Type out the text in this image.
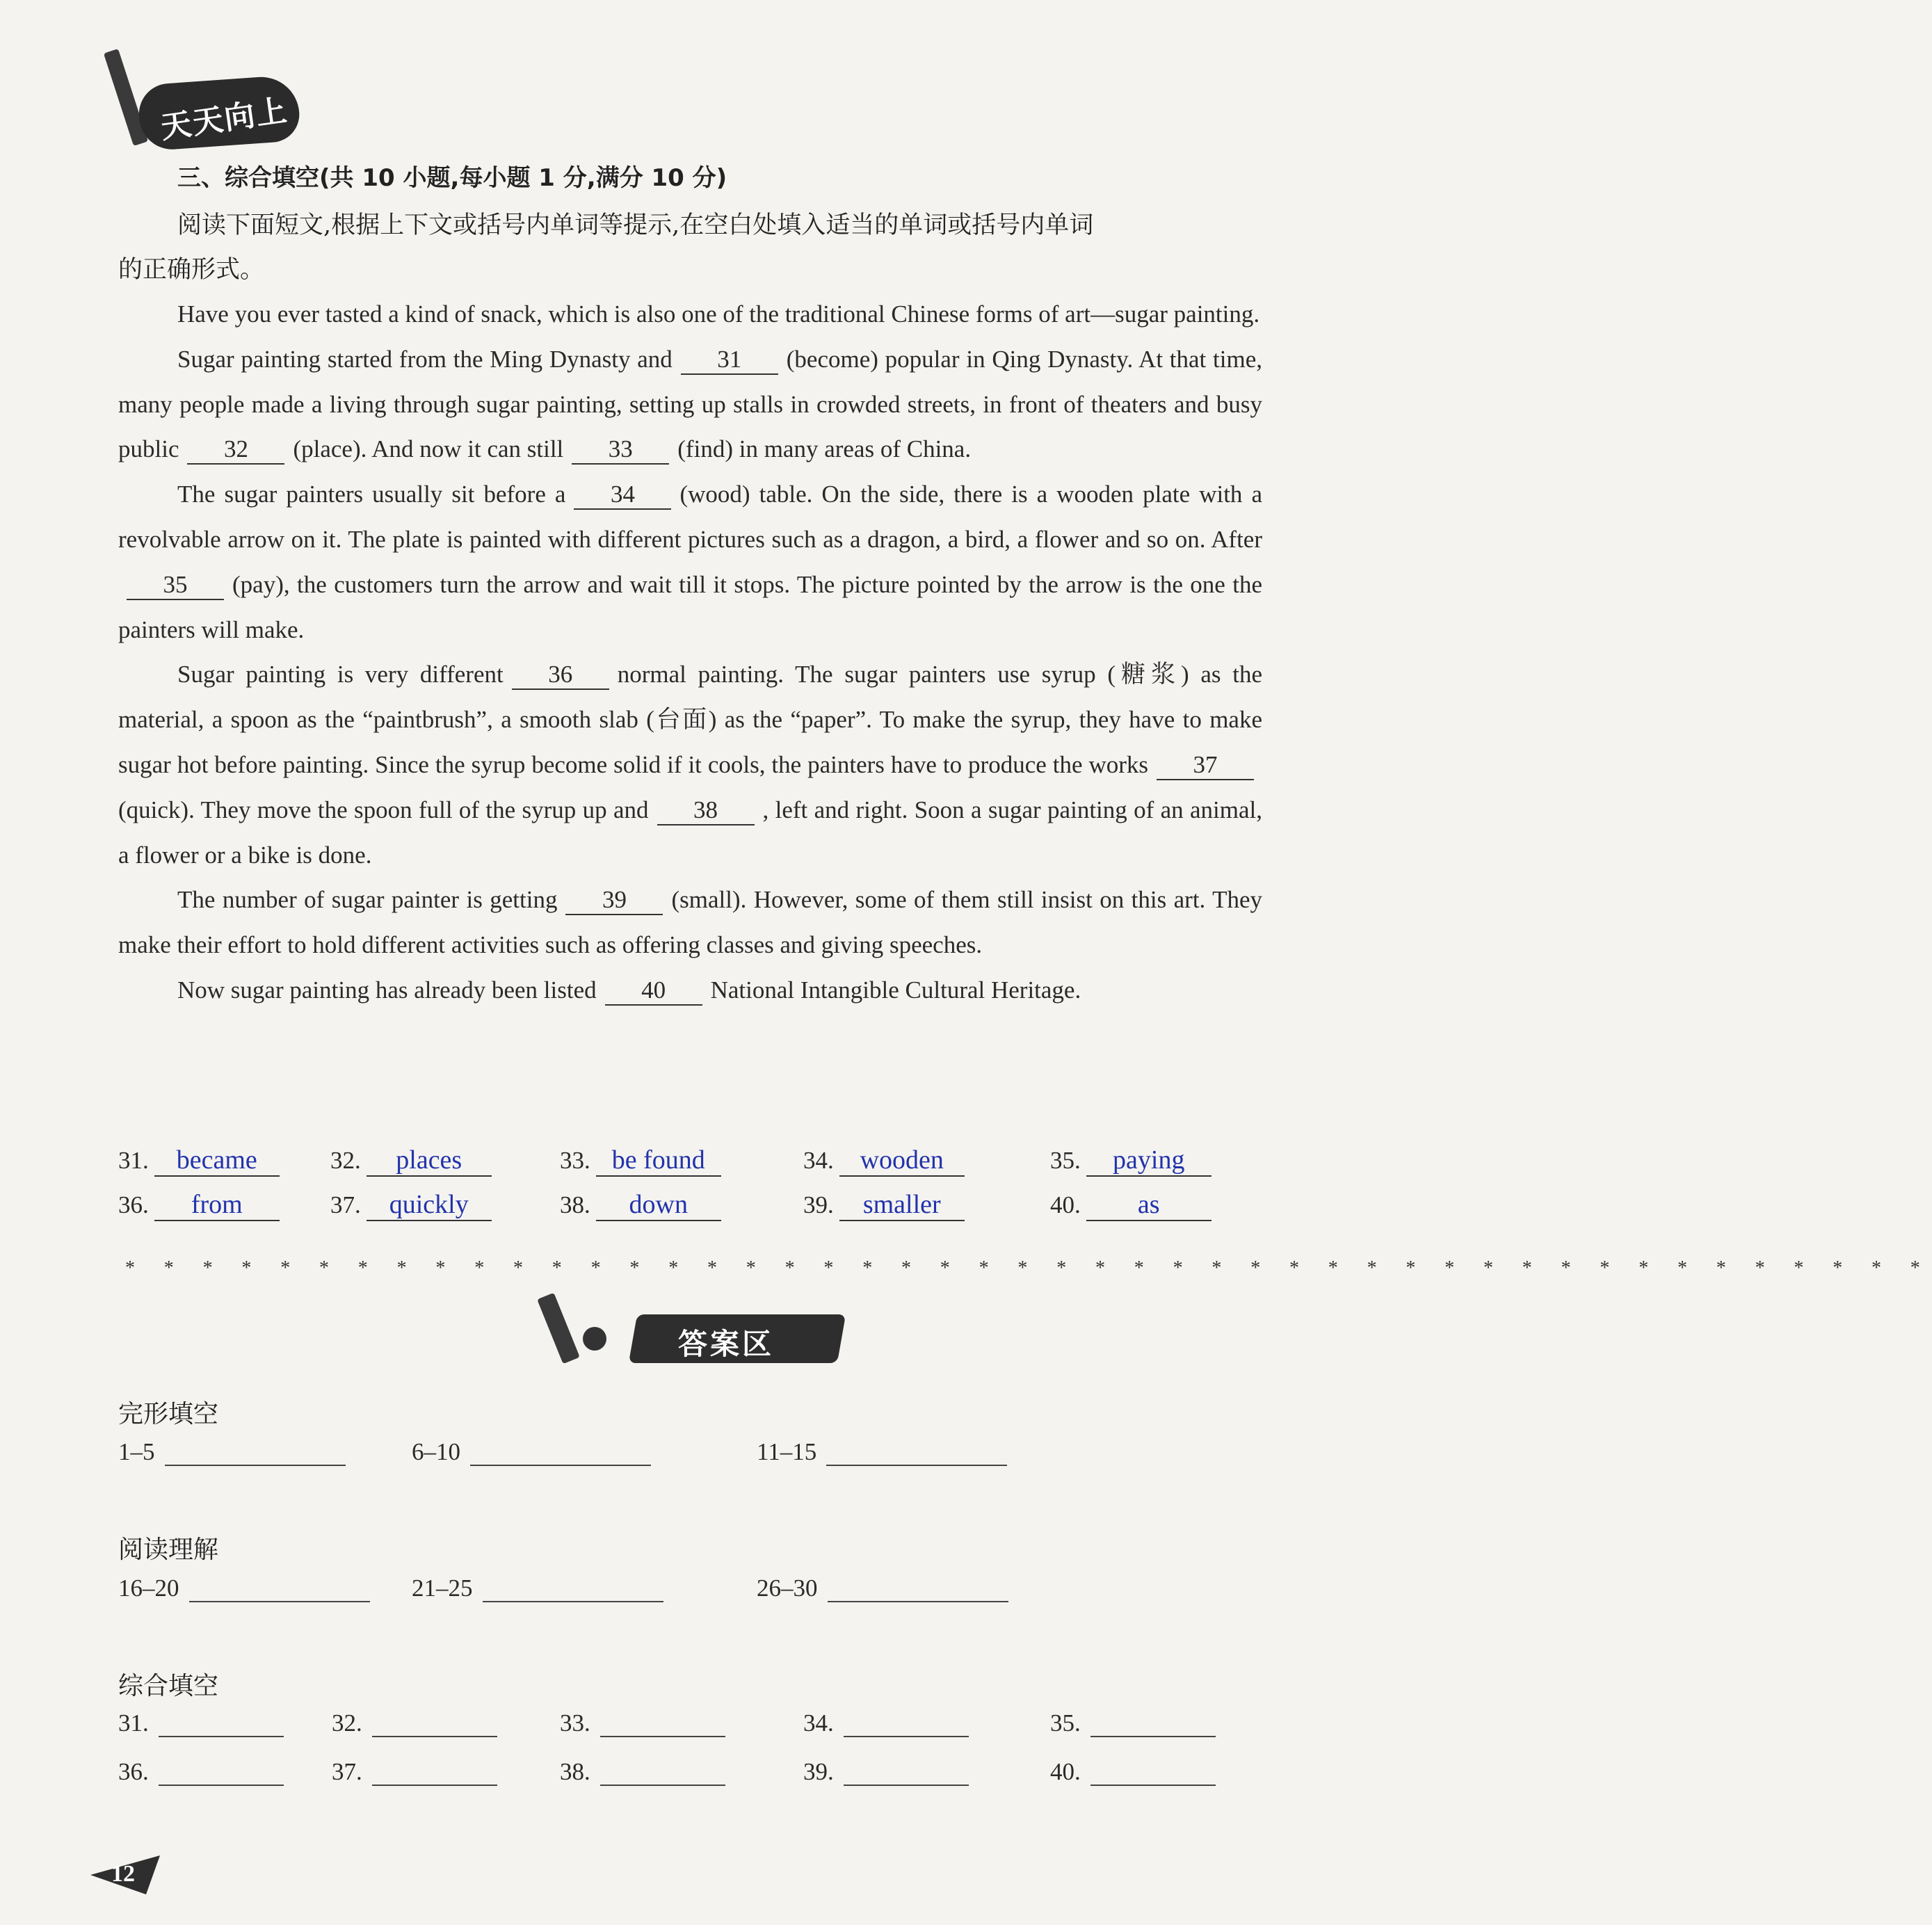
天天向上
三、综合填空(共 10 小题,每小题 1 分,满分 10 分)
阅读下面短文,根据上下文或括号内单词等提示,在空白处填入适当的单词或括号内单词
的正确形式。

Have you ever tasted a kind of snack, which is also one of the traditional Chinese forms of art—sugar painting.

Sugar painting started from the Ming Dynasty and 31 (become) popular in Qing Dynasty. At that time, many people made a living through sugar painting, setting up stalls in crowded streets, in front of theaters and busy public 32 (place). And now it can still 33 (find) in many areas of China.

The sugar painters usually sit before a 34 (wood) table. On the side, there is a wooden plate with a revolvable arrow on it. The plate is painted with different pictures such as a dragon, a bird, a flower and so on. After35 (pay), the customers turn the arrow and wait till it stops. The picture pointed by the arrow is the one the painters will make.

Sugar painting is very different 36 normal painting. The sugar painters use syrup (糖浆) as the material, a spoon as the “paintbrush”, a smooth slab (台面) as the “paper”. To make the syrup, they have to make sugar hot before painting. Since the syrup become solid if it cools, the painters have to produce the works 37(quick). They move the spoon full of the syrup up and 38 , left and right. Soon a sugar painting of an animal, a flower or a bike is done.

The number of sugar painter is getting 39 (small). However, some of them still insist on this art. They make their effort to hold different activities such as offering classes and giving speeches.

Now sugar painting has already been listed 40 National Intangible Cultural Heritage.

31. became	32. places	33. be found	34. wooden	35. paying
36. from	37. quickly	38. down	39. smaller	40. as
* * * * * * * * * * * * * * * * * * * * * * * * * * * * * * * * * * * * * * * * * * * * * * *
答案区
完形填空
1–5	6–10	11–15
阅读理解
16–20	21–25	26–30
综合填空
31.	32.	33.	34.	35.
36.	37.	38.	39.	40.
12
